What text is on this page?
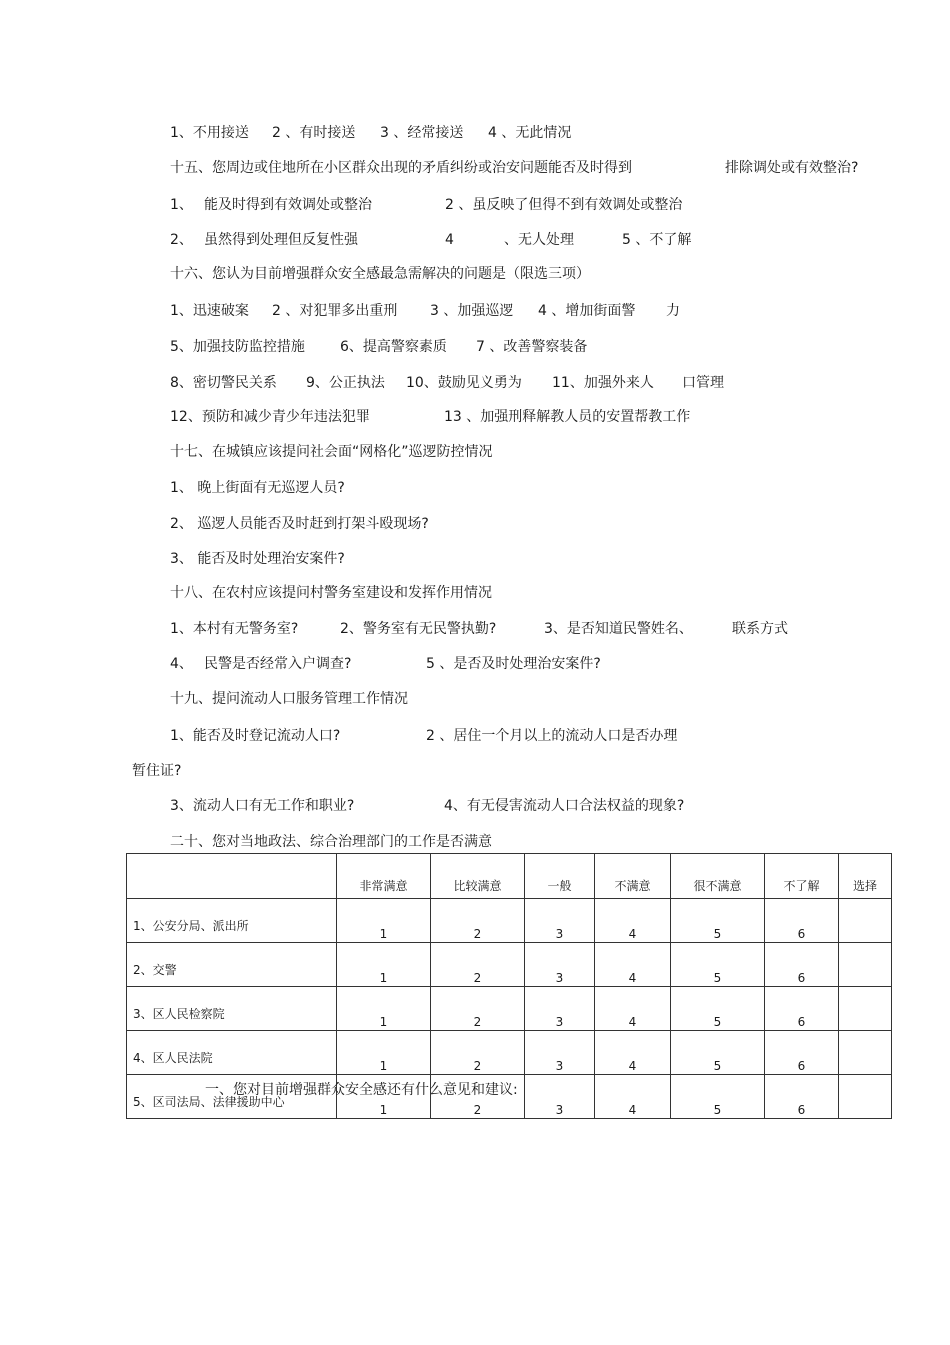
1、不用接送 2 、有时接送 3 、经常接送 4 、无此情况
十五、您周边或住地所在小区群众出现的矛盾纠纷或治安问题能否及时得到	排除调处或有效整治?
1、 能及时得到有效调处或整治	2 、虽反映了但得不到有效调处或整治
2、 虽然得到处理但反复性强	4	、无人处理	5 、不了解
十六、您认为目前增强群众安全感最急需解决的问题是（限选三项）
1、迅速破案 2 、对犯罪多出重刑 3 、加强巡逻 4 、增加街面警 力
5、加强技防监控措施	6、提高警察素质 7 、改善警察装备
8、密切警民关系 9、公正执法 10、鼓励见义勇为 11、加强外来人 口管理
12、预防和减少青少年违法犯罪	13 、加强刑释解教人员的安置帮教工作
十七、在城镇应该提问社会面“网格化”巡逻防控情况
1、 晚上街面有无巡逻人员?
2、 巡逻人员能否及时赶到打架斗殴现场?
3、 能否及时处理治安案件?
十八、在农村应该提问村警务室建设和发挥作用情况
1、本村有无警务室?	2、警务室有无民警执勤?	3、是否知道民警姓名、	联系方式
4、 民警是否经常入户调查?	5 、是否及时处理治安案件?
十九、提问流动人口服务管理工作情况
1、能否及时登记流动人口?	2 、居住一个月以上的流动人口是否办理
暂住证?
3、流动人口有无工作和职业?	4、有无侵害流动人口合法权益的现象?
二十、您对当地政法、综合治理部门的工作是否满意
	非常满意	比较满意	一般	不满意	很不满意	不了解	选择
1、公安分局、派出所	1	2	3	4	5	6	
2、交警	1	2	3	4	5	6	
3、区人民检察院	1	2	3	4	5	6	
4、区人民法院	1	2	3	4	5	6	
5、区司法局、法律援助中心	1	2	3	4	5	6	
一、您对目前增强群众安全感还有什么意见和建议:
